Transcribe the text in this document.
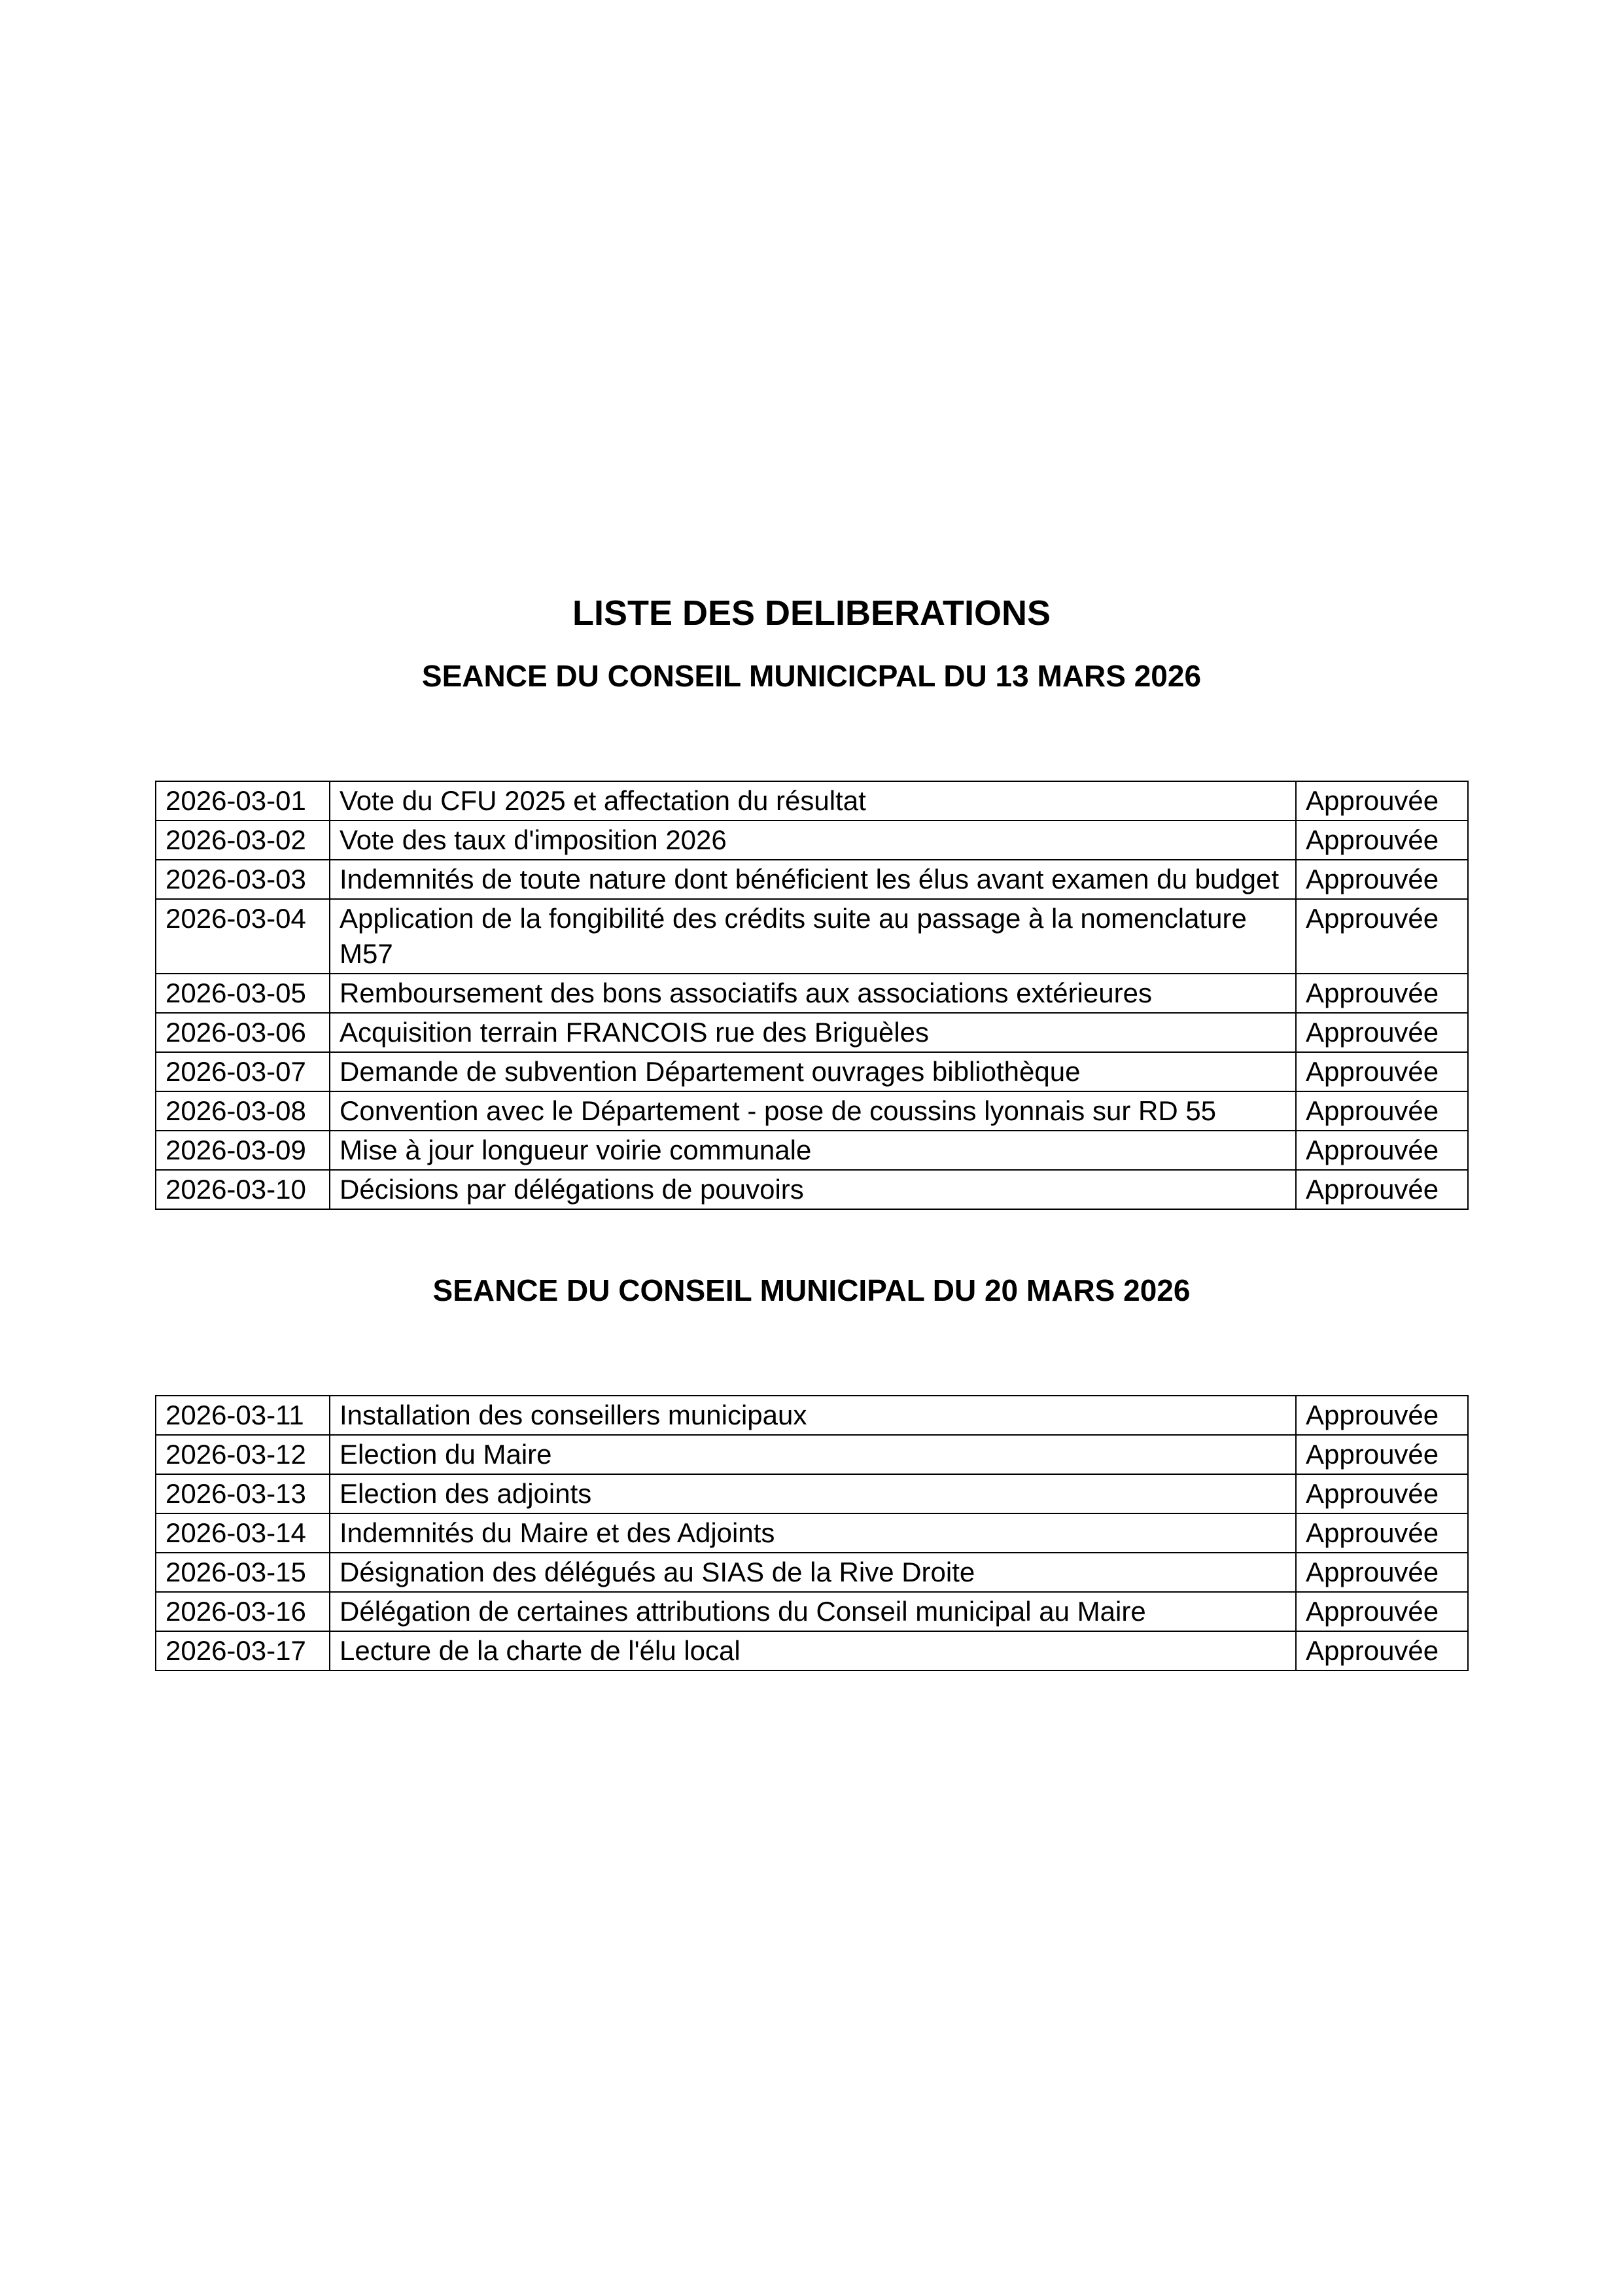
LISTE DES DELIBERATIONS
SEANCE DU CONSEIL MUNICICPAL DU 13 MARS 2026
2026-03-01	Vote du CFU 2025 et affectation du résultat	Approuvée
2026-03-02	Vote des taux d'imposition 2026	Approuvée
2026-03-03	Indemnités de toute nature dont bénéficient les élus avant examen du budget	Approuvée
2026-03-04	Application de la fongibilité des crédits suite au passage à la nomenclature M57	Approuvée
2026-03-05	Remboursement des bons associatifs aux associations extérieures	Approuvée
2026-03-06	Acquisition terrain FRANCOIS rue des Briguèles	Approuvée
2026-03-07	Demande de subvention Département ouvrages bibliothèque	Approuvée
2026-03-08	Convention avec le Département - pose de coussins lyonnais sur RD 55	Approuvée
2026-03-09	Mise à jour longueur voirie communale	Approuvée
2026-03-10	Décisions par délégations de pouvoirs	Approuvée
SEANCE DU CONSEIL MUNICIPAL DU 20 MARS 2026
2026-03-11	Installation des conseillers municipaux	Approuvée
2026-03-12	Election du Maire	Approuvée
2026-03-13	Election des adjoints	Approuvée
2026-03-14	Indemnités du Maire et des Adjoints	Approuvée
2026-03-15	Désignation des délégués au SIAS de la Rive Droite	Approuvée
2026-03-16	Délégation de certaines attributions du Conseil municipal au Maire	Approuvée
2026-03-17	Lecture de la charte de l'élu local	Approuvée
